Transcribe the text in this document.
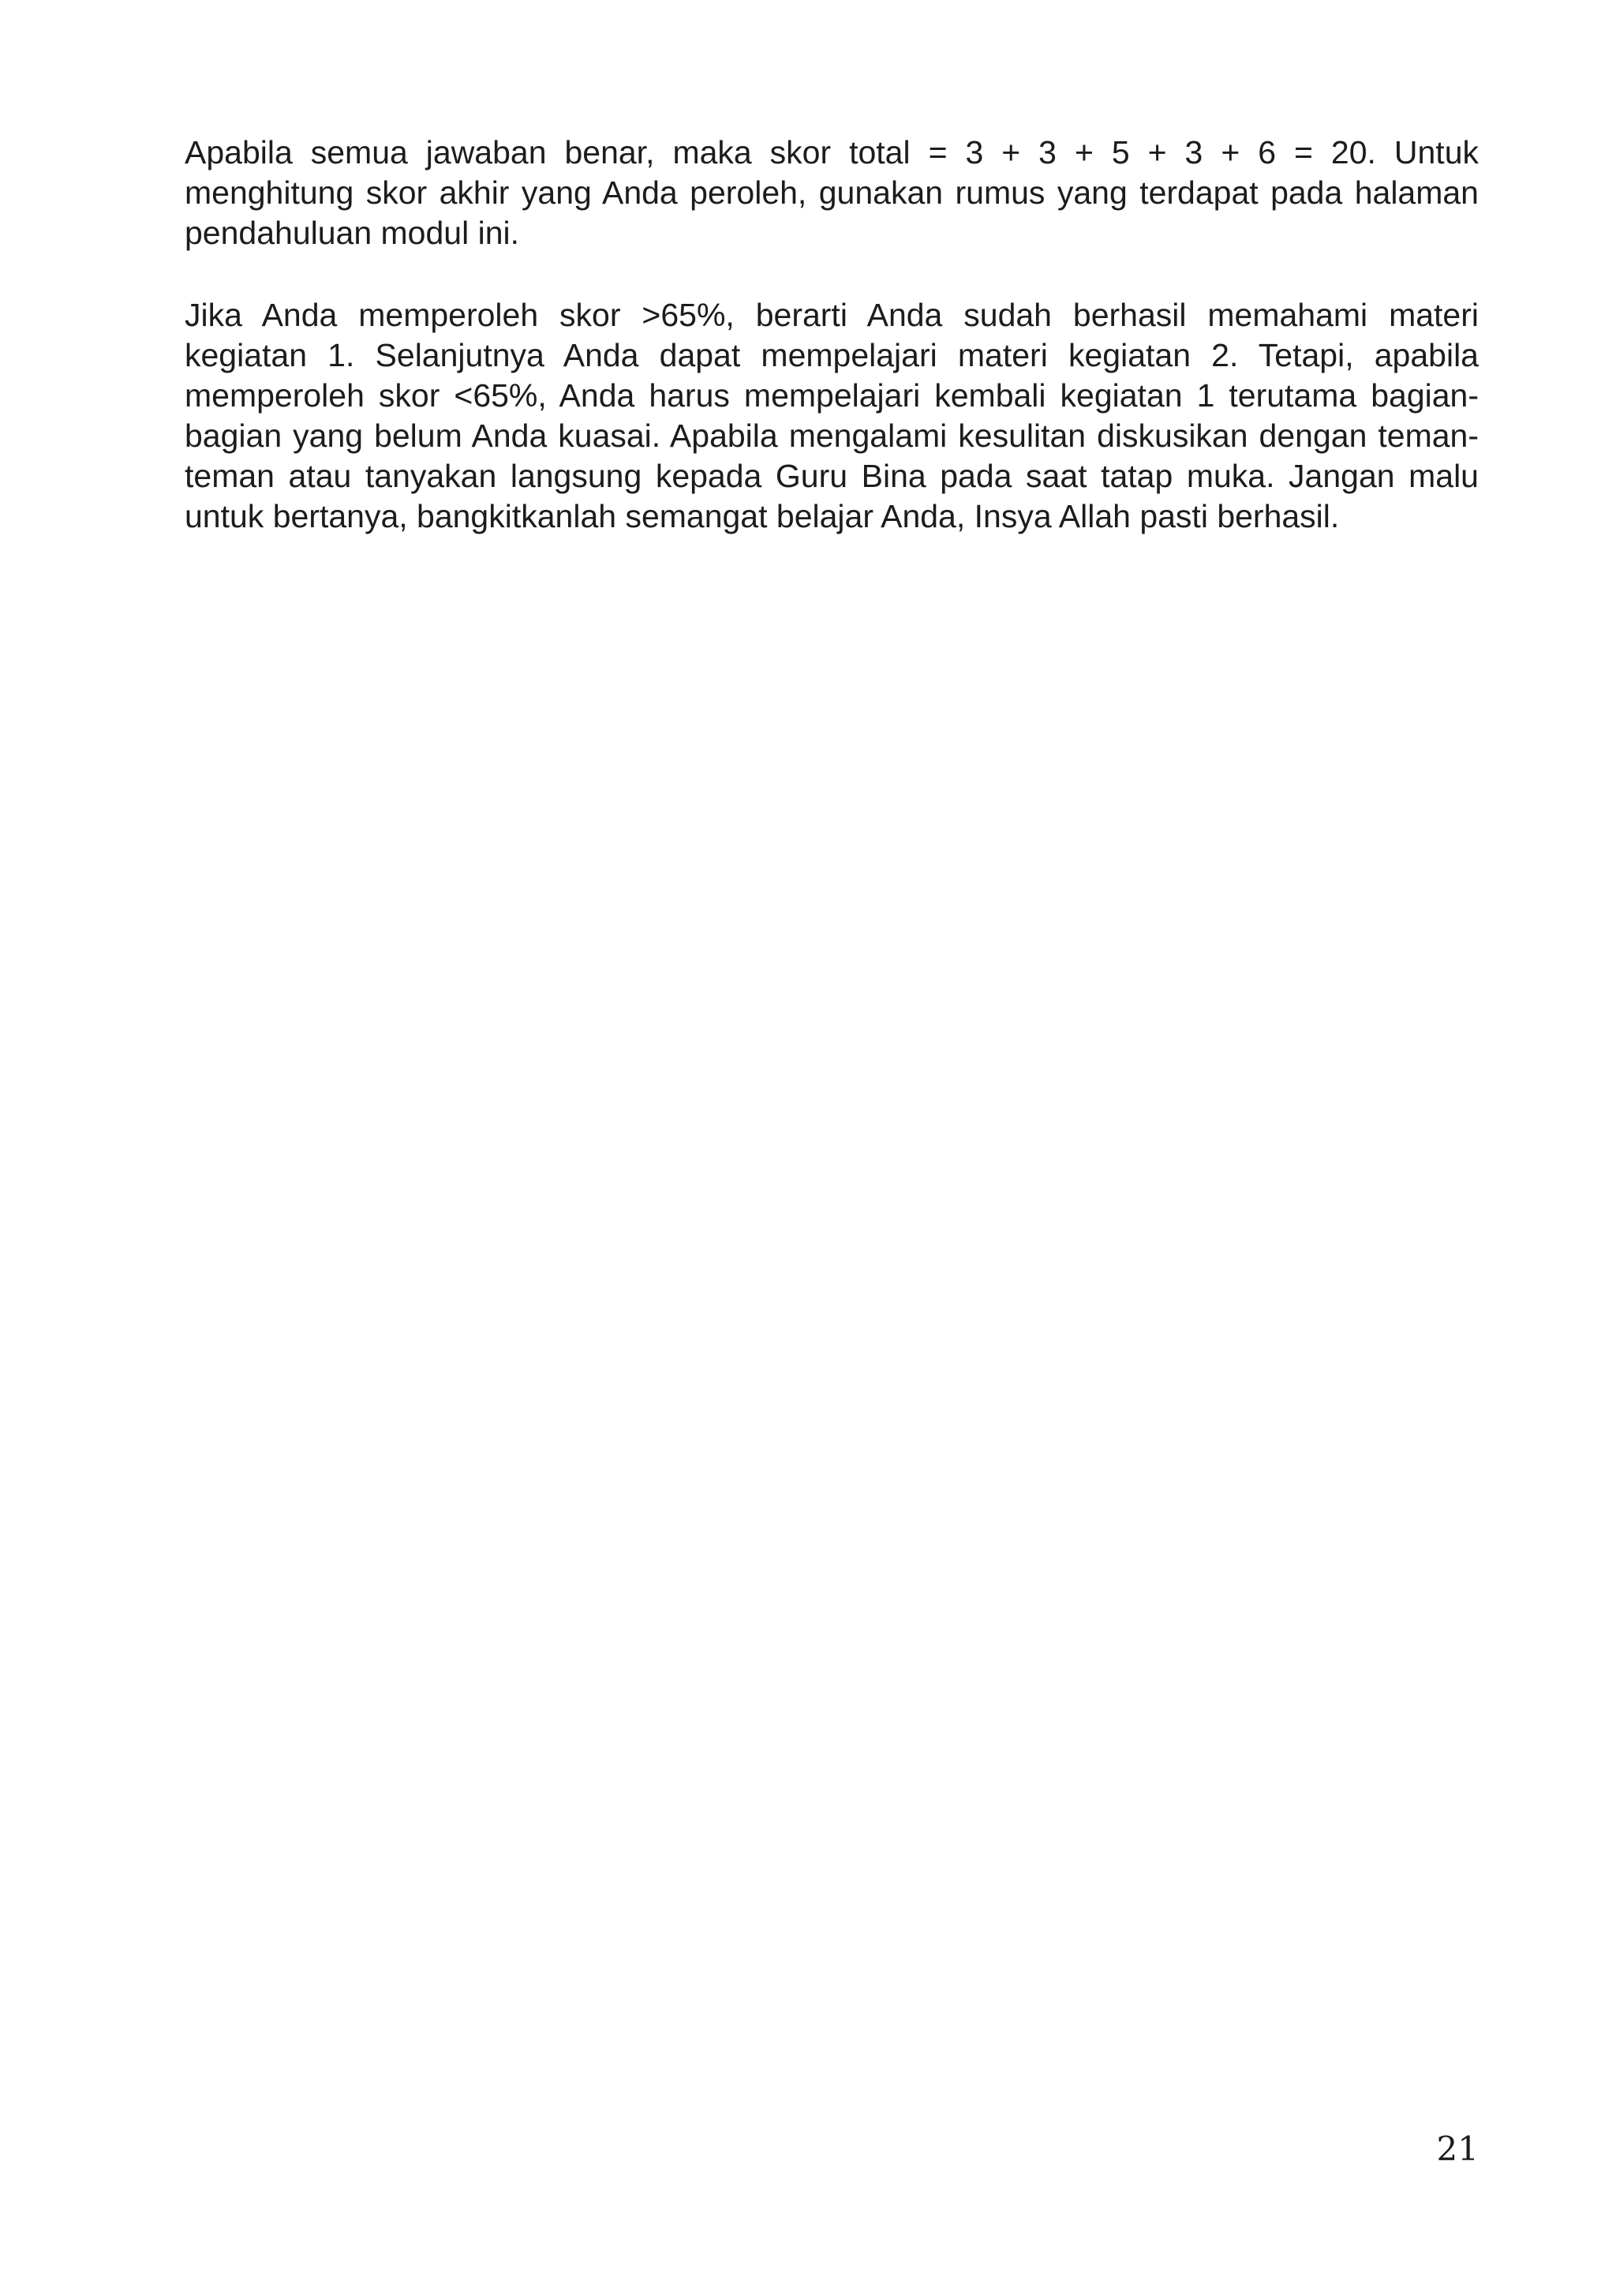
Apabila semua jawaban benar, maka skor total = 3 + 3 + 5 + 3 + 6 = 20. Untuk menghitung skor akhir yang Anda peroleh, gunakan rumus yang terdapat pada halaman pendahuluan modul ini.

Jika Anda memperoleh skor >65%, berarti Anda sudah berhasil memahami materi kegiatan 1. Selanjutnya Anda dapat mempelajari materi kegiatan 2. Tetapi, apabila memperoleh skor <65%, Anda harus mempelajari kembali kegiatan 1 terutama bagian-bagian yang belum Anda kuasai. Apabila mengalami kesulitan diskusikan dengan teman-teman atau tanyakan langsung kepada Guru Bina pada saat tatap muka. Jangan malu untuk bertanya, bangkitkanlah semangat belajar Anda, Insya Allah pasti berhasil.

21
